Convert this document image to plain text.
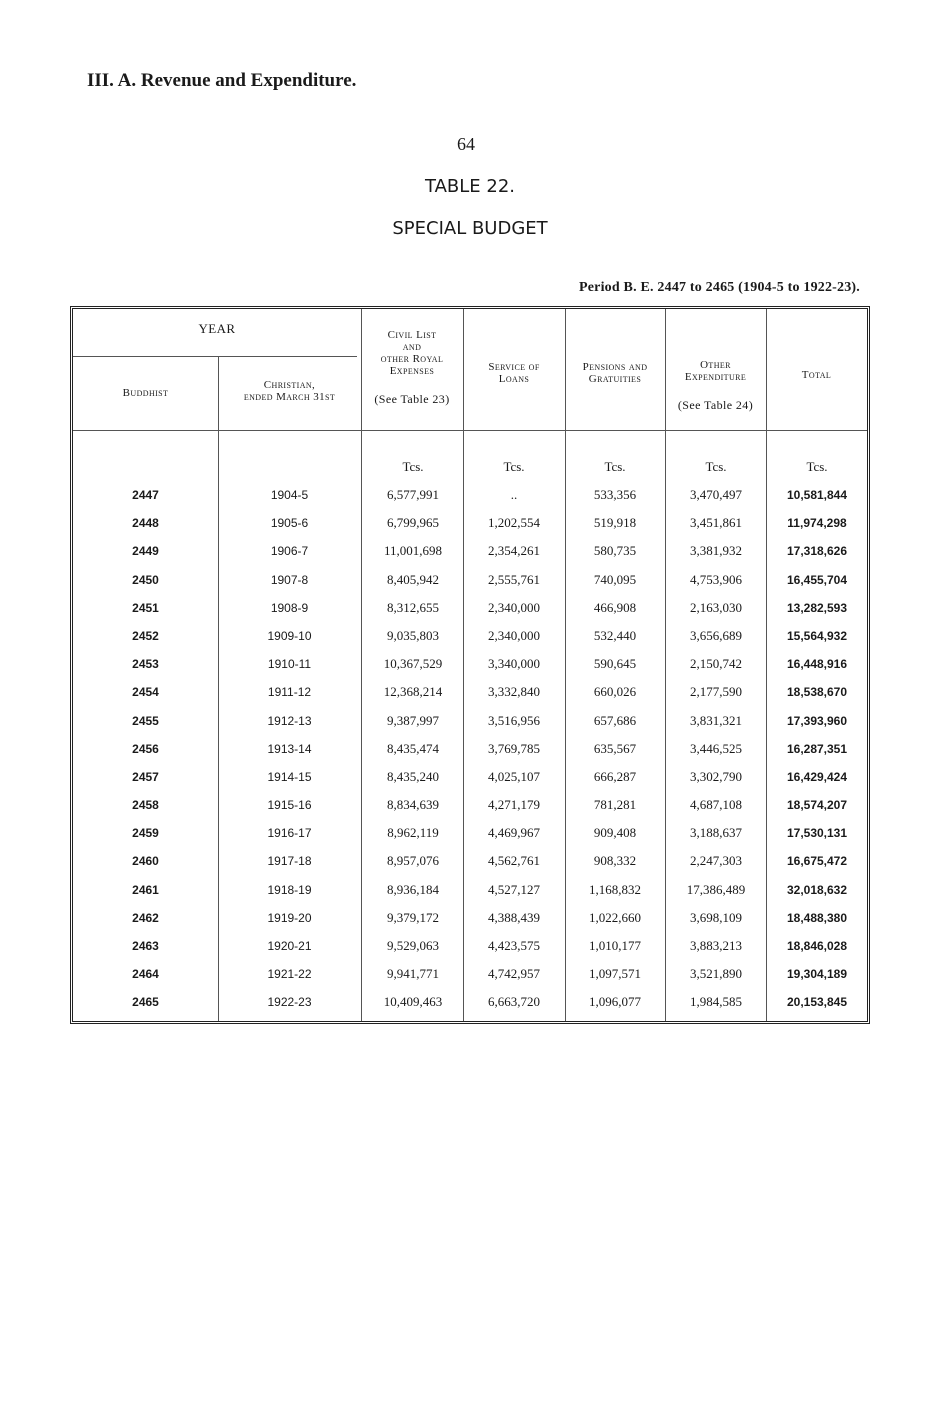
III. A. Revenue and Expenditure.
64
TABLE 22.
SPECIAL BUDGET
Period B. E. 2447 to 2465 (1904-5 to 1922-23).
YEAR
Buddhist
Christian,
ended March 31st
Civil List
and
other Royal
Expenses
(See Table 23)
Service of
Loans
Pensions and
Gratuities
Other
Expenditure
(See Table 24)
Total
Tcs.	Tcs.	Tcs.	Tcs.	Tcs.
2447	1904-5	6,577,991	..	533,356	3,470,497	10,581,844
2448	1905-6	6,799,965	1,202,554	519,918	3,451,861	11,974,298
2449	1906-7	11,001,698	2,354,261	580,735	3,381,932	17,318,626
2450	1907-8	8,405,942	2,555,761	740,095	4,753,906	16,455,704
2451	1908-9	8,312,655	2,340,000	466,908	2,163,030	13,282,593
2452	1909-10	9,035,803	2,340,000	532,440	3,656,689	15,564,932
2453	1910-11	10,367,529	3,340,000	590,645	2,150,742	16,448,916
2454	1911-12	12,368,214	3,332,840	660,026	2,177,590	18,538,670
2455	1912-13	9,387,997	3,516,956	657,686	3,831,321	17,393,960
2456	1913-14	8,435,474	3,769,785	635,567	3,446,525	16,287,351
2457	1914-15	8,435,240	4,025,107	666,287	3,302,790	16,429,424
2458	1915-16	8,834,639	4,271,179	781,281	4,687,108	18,574,207
2459	1916-17	8,962,119	4,469,967	909,408	3,188,637	17,530,131
2460	1917-18	8,957,076	4,562,761	908,332	2,247,303	16,675,472
2461	1918-19	8,936,184	4,527,127	1,168,832	17,386,489	32,018,632
2462	1919-20	9,379,172	4,388,439	1,022,660	3,698,109	18,488,380
2463	1920-21	9,529,063	4,423,575	1,010,177	3,883,213	18,846,028
2464	1921-22	9,941,771	4,742,957	1,097,571	3,521,890	19,304,189
2465	1922-23	10,409,463	6,663,720	1,096,077	1,984,585	20,153,845
